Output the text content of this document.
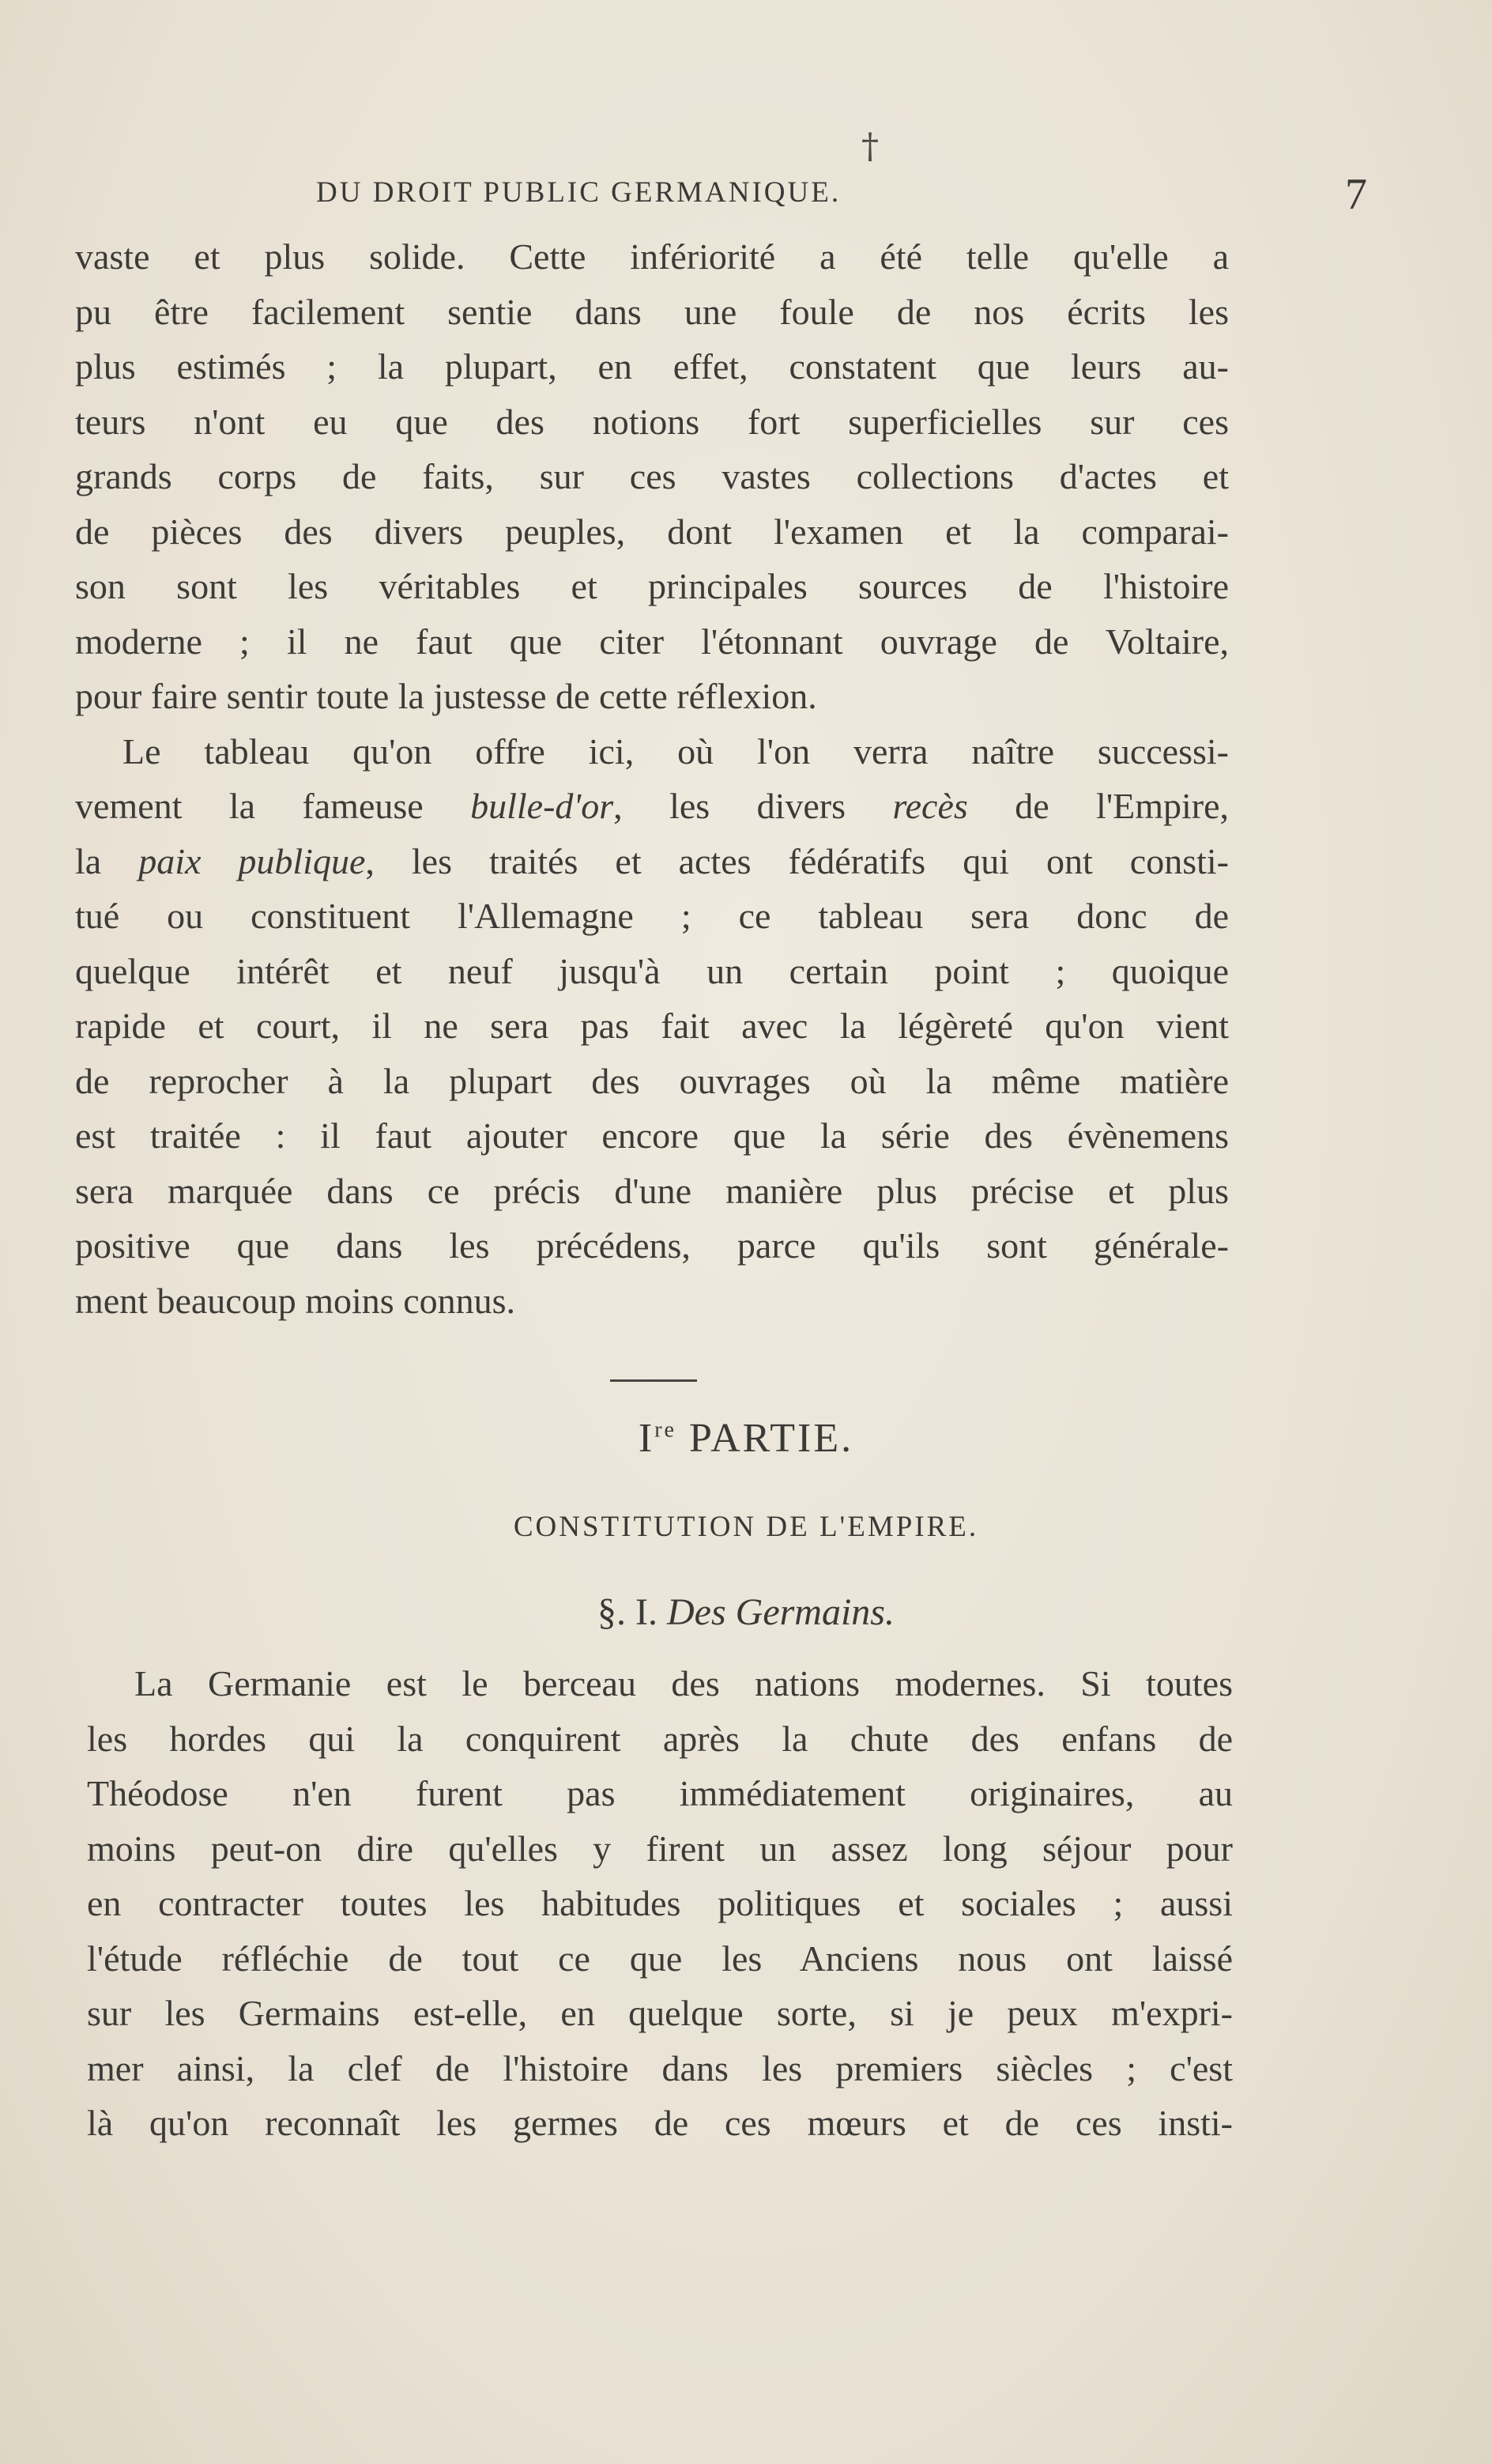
†
DU DROIT PUBLIC GERMANIQUE.	7
vaste et plus solide. Cette infériorité a été telle qu'elle a
pu être facilement sentie dans une foule de nos écrits les
plus estimés ; la plupart, en effet, constatent que leurs au-
teurs n'ont eu que des notions fort superficielles sur ces
grands corps de faits, sur ces vastes collections d'actes et
de pièces des divers peuples, dont l'examen et la comparai-
son sont les véritables et principales sources de l'histoire
moderne ; il ne faut que citer l'étonnant ouvrage de Voltaire,
pour faire sentir toute la justesse de cette réflexion.
Le tableau qu'on offre ici, où l'on verra naître successi-
vement la fameuse bulle-d'or, les divers recès de l'Empire,
la paix publique, les traités et actes fédératifs qui ont consti-
tué ou constituent l'Allemagne ; ce tableau sera donc de
quelque intérêt et neuf jusqu'à un certain point ; quoique
rapide et court, il ne sera pas fait avec la légèreté qu'on vient
de reprocher à la plupart des ouvrages où la même matière
est traitée : il faut ajouter encore que la série des évènemens
sera marquée dans ce précis d'une manière plus précise et plus
positive que dans les précédens, parce qu'ils sont générale-
ment beaucoup moins connus.
Ire PARTIE.
CONSTITUTION DE L'EMPIRE.
§. I. Des Germains.
La Germanie est le berceau des nations modernes. Si toutes
les hordes qui la conquirent après la chute des enfans de
Théodose n'en furent pas immédiatement originaires, au
moins peut-on dire qu'elles y firent un assez long séjour pour
en contracter toutes les habitudes politiques et sociales ; aussi
l'étude réfléchie de tout ce que les Anciens nous ont laissé
sur les Germains est-elle, en quelque sorte, si je peux m'expri-
mer ainsi, la clef de l'histoire dans les premiers siècles ; c'est
là qu'on reconnaît les germes de ces mœurs et de ces insti-
